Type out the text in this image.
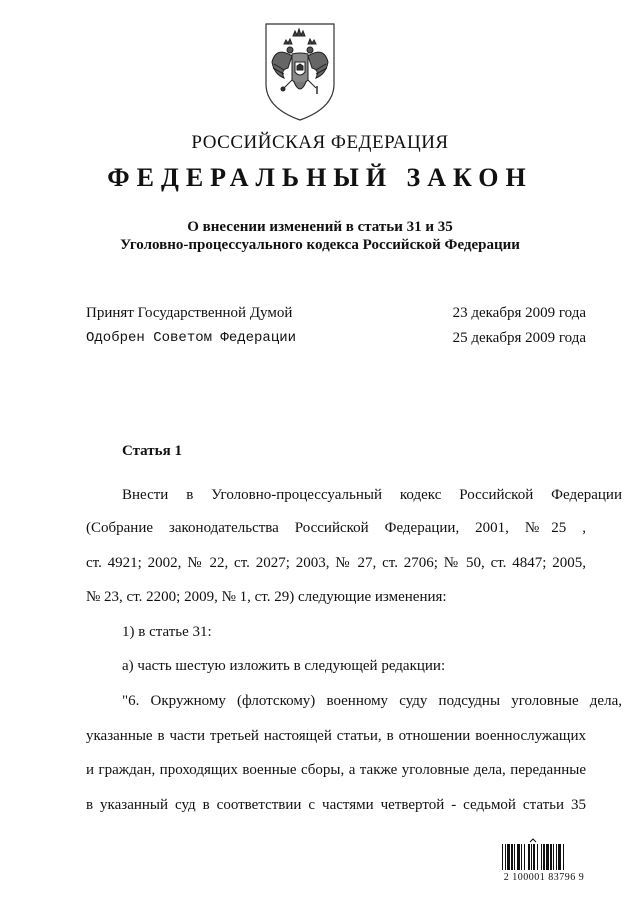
РОССИЙСКАЯ ФЕДЕРАЦИЯ
ФЕДЕРАЛЬНЫЙ ЗАКОН
О внесении изменений в статьи 31 и 35
Уголовно-процессуального кодекса Российской Федерации
Принят Государственной Думой	23 декабря 2009 года
Одобрен Советом Федерации	25 декабря 2009 года
Статья 1
Внести в Уголовно-процессуальный кодекс Российской Федерации
(Собрание законодательства Российской Федерации, 2001, №25 ,
ст. 4921; 2002, № 22, ст. 2027; 2003, № 27, ст. 2706; № 50, ст. 4847; 2005,
№ 23, ст. 2200; 2009, № 1, ст. 29) следующие изменения:
1) в статье 31:
а) часть шестую изложить в следующей редакции:
"6. Окружному (флотскому) военному суду подсудны уголовные дела,
указанные в части третьей настоящей статьи, в отношении военнослужащих
и граждан, проходящих военные сборы, а также уголовные дела, переданные
в указанный суд в соответствии с частями четвертой - седьмой статьи 35
2 100001 83796 9
